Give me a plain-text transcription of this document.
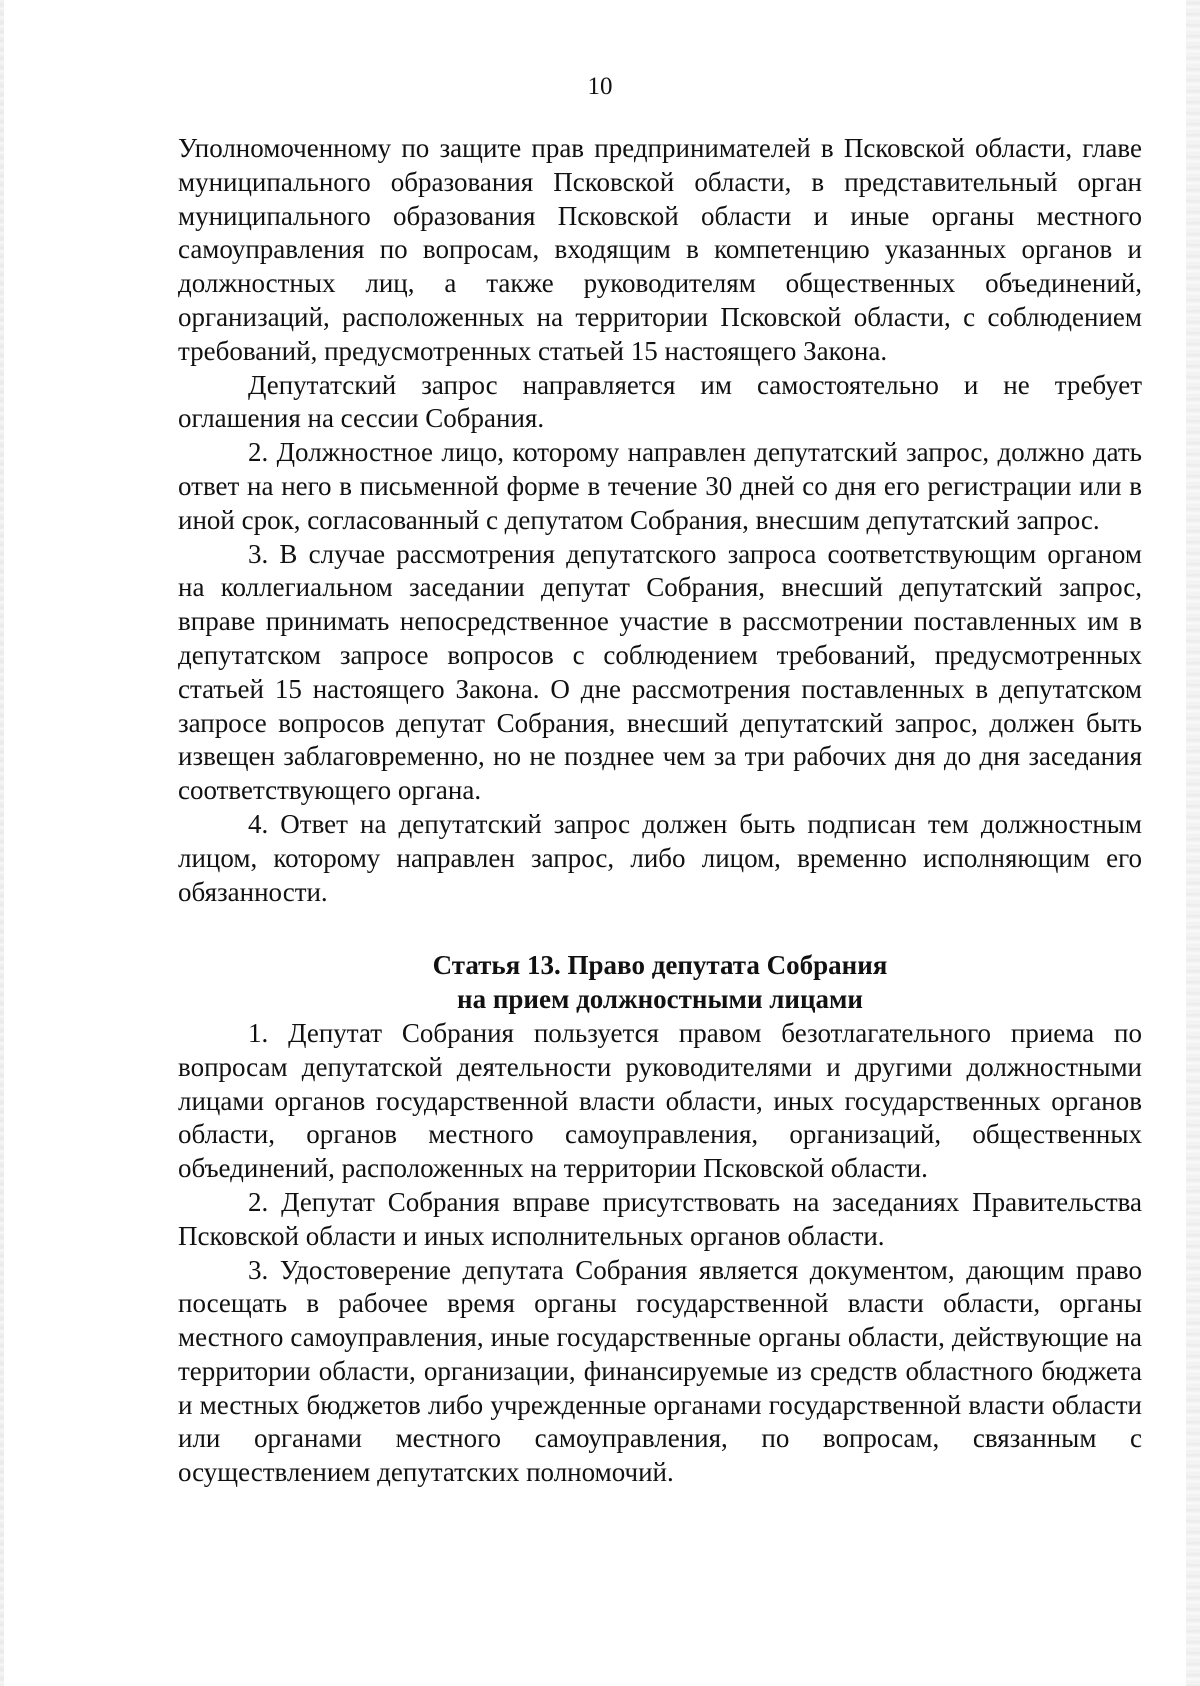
10

Уполномоченному по защите прав предпринимателей в Псковской области, главе муниципального образования Псковской области, в представительный орган муниципального образования Псковской области и иные органы местного самоуправления по вопросам, входящим в компетенцию указанных органов и должностных лиц, а также руководителям общественных объединений, организаций, расположенных на территории Псковской области, с соблюдением требований, предусмотренных статьей 15 настоящего Закона.

Депутатский запрос направляется им самостоятельно и не требует оглашения на сессии Собрания.

2. Должностное лицо, которому направлен депутатский запрос, должно дать ответ на него в письменной форме в течение 30 дней со дня его регистрации или в иной срок, согласованный с депутатом Собрания, внесшим депутатский запрос.

3. В случае рассмотрения депутатского запроса соответствующим органом на коллегиальном заседании депутат Собрания, внесший депутатский запрос, вправе принимать непосредственное участие в рассмотрении поставленных им в депутатском запросе вопросов с соблюдением требований, предусмотренных статьей 15 настоящего Закона. О дне рассмотрения поставленных в депутатском запросе вопросов депутат Собрания, внесший депутатский запрос, должен быть извещен заблаговременно, но не позднее чем за три рабочих дня до дня заседания соответствующего органа.

4. Ответ на депутатский запрос должен быть подписан тем должностным лицом, которому направлен запрос, либо лицом, временно исполняющим его обязанности.

Статья 13. Право депутата Собрания
на прием должностными лицами

1. Депутат Собрания пользуется правом безотлагательного приема по вопросам депутатской деятельности руководителями и другими должностными лицами органов государственной власти области, иных государственных органов области, органов местного самоуправления, организаций, общественных объединений, расположенных на территории Псковской области.

2. Депутат Собрания вправе присутствовать на заседаниях Правительства Псковской области и иных исполнительных органов области.

3. Удостоверение депутата Собрания является документом, дающим право посещать в рабочее время органы государственной власти области, органы местного самоуправления, иные государственные органы области, действующие на территории области, организации, финансируемые из средств областного бюджета и местных бюджетов либо учрежденные органами государственной власти области или органами местного самоуправления, по вопросам, связанным с осуществлением депутатских полномочий.
